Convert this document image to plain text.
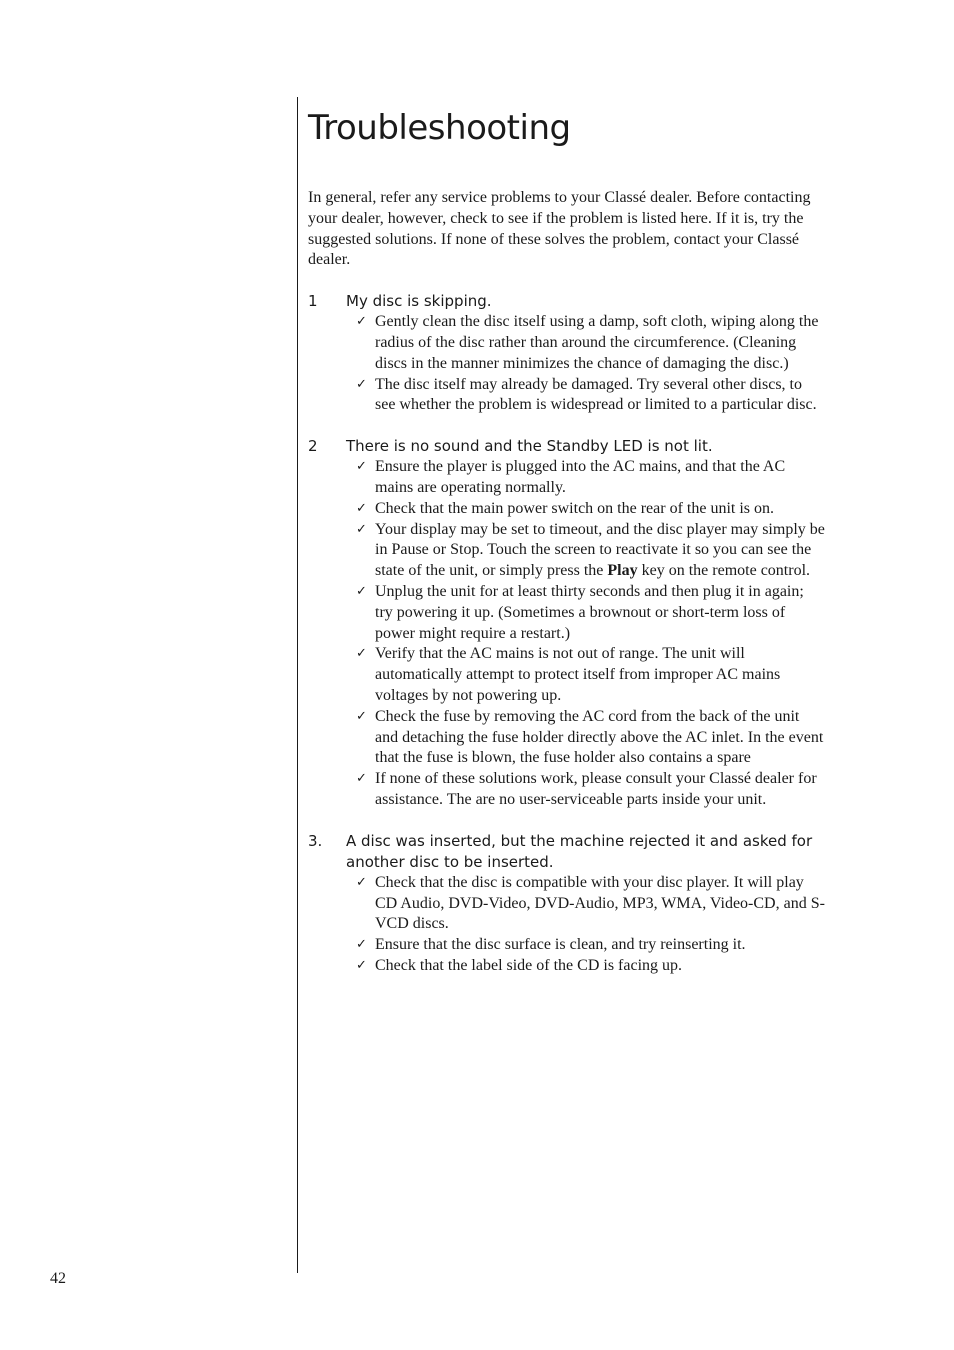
Troubleshooting

In general, refer any service problems to your Classé dealer. Before contacting your dealer, however, check to see if the problem is listed here. If it is, try the suggested solutions. If none of these solves the problem, contact your Classé dealer.

1	My disc is skipping.
✓ Gently clean the disc itself using a damp, soft cloth, wiping along the radius of the disc rather than around the circumference. (Cleaning discs in the manner minimizes the chance of damaging the disc.)
✓ The disc itself may already be damaged. Try several other discs, to see whether the problem is widespread or limited to a particular disc.
2	There is no sound and the Standby LED is not lit.
✓ Ensure the player is plugged into the AC mains, and that the AC mains are operating normally.
✓ Check that the main power switch on the rear of the unit is on.
✓ Your display may be set to timeout, and the disc player may simply be in Pause or Stop. Touch the screen to reactivate it so you can see the state of the unit, or simply press the Play key on the remote control.
✓ Unplug the unit for at least thirty seconds and then plug it in again; try powering it up. (Sometimes a brownout or short-term loss of power might require a restart.)
✓ Verify that the AC mains is not out of range. The unit will automatically attempt to protect itself from improper AC mains voltages by not powering up.
✓ Check the fuse by removing the AC cord from the back of the unit and detaching the fuse holder directly above the AC inlet. In the event that the fuse is blown, the fuse holder also contains a spare
✓ If none of these solutions work, please consult your Classé dealer for assistance. The are no user-serviceable parts inside your unit.
3.	A disc was inserted, but the machine rejected it and asked for another disc to be inserted.
✓ Check that the disc is compatible with your disc player. It will play CD Audio, DVD-Video, DVD-Audio, MP3, WMA, Video-CD, and S-VCD discs.
✓ Ensure that the disc surface is clean, and try reinserting it.
✓ Check that the label side of the CD is facing up.
42
